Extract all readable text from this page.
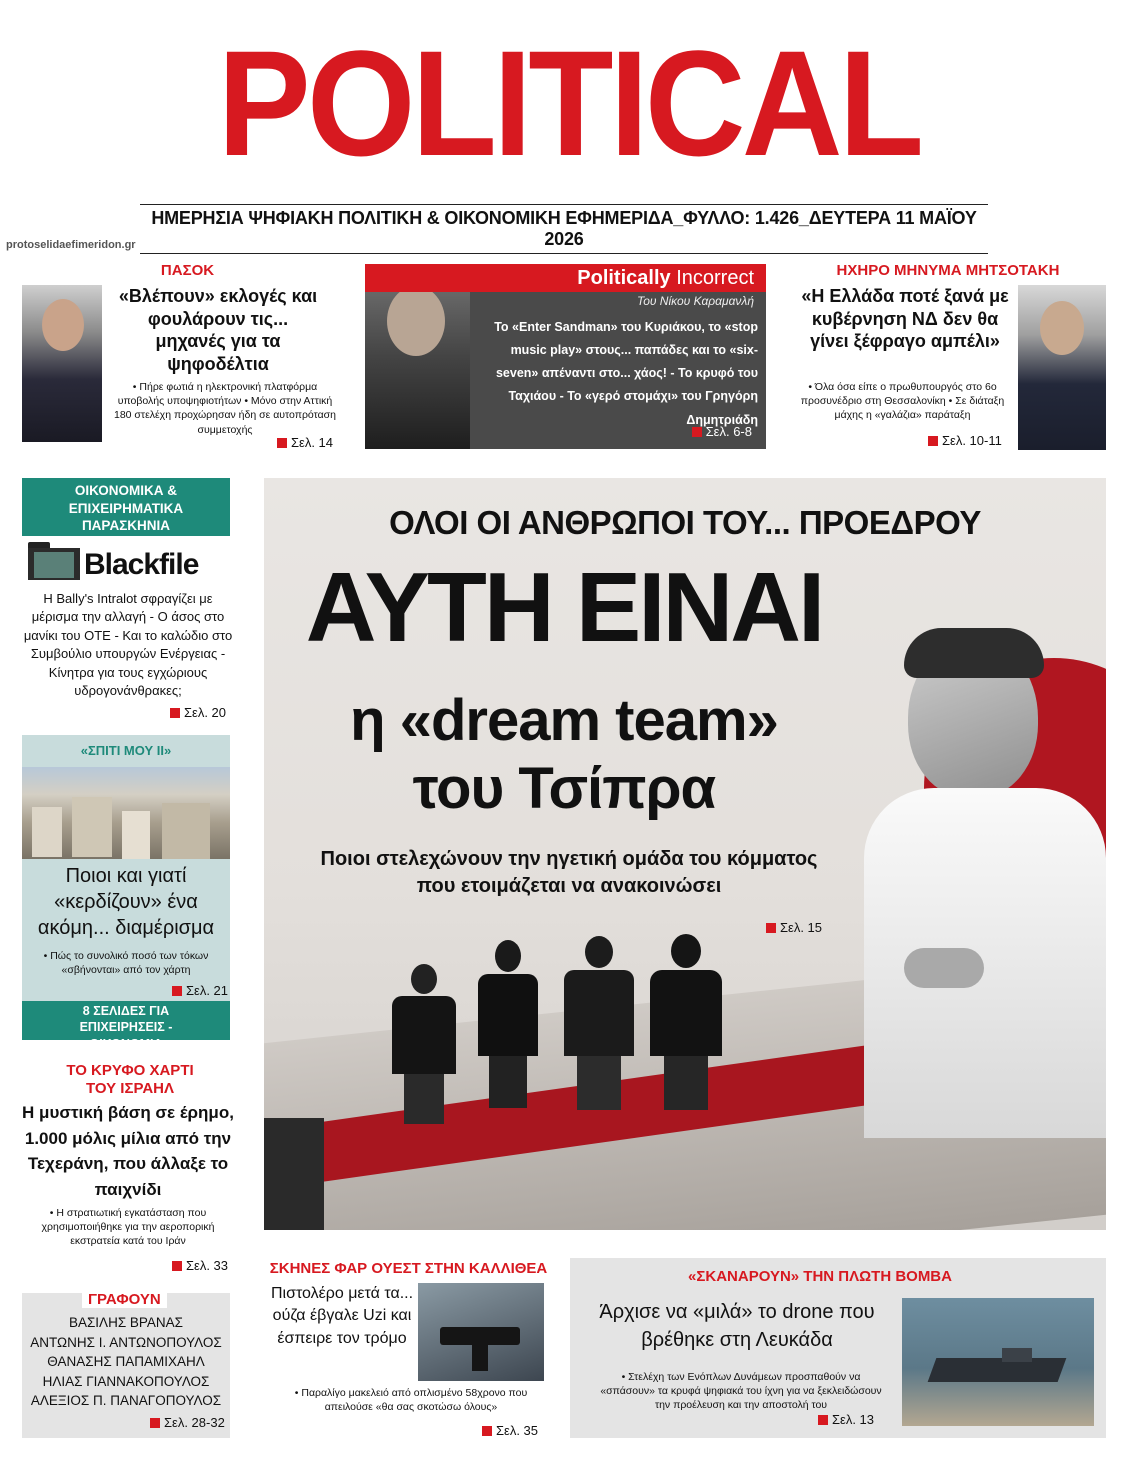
POLITICAL
ΗΜΕΡΗΣΙΑ ΨΗΦΙΑΚΗ ΠΟΛΙΤΙΚΗ & ΟΙΚΟΝΟΜΙΚΗ ΕΦΗΜΕΡΙΔΑ_ΦΥΛΛΟ: 1.426_ΔΕΥΤΕΡΑ 11 ΜΑΪΟΥ 2026
protoselidaefimeridon.gr
ΠΑΣΟΚ
«Βλέπουν» εκλογές και φουλάρουν τις... μηχανές για τα ψηφοδέλτια
• Πήρε φωτιά η ηλεκτρονική πλατφόρμα υποβολής υποψηφιοτήτων • Μόνο στην Αττική 180 στελέχη προχώρησαν ήδη σε αυτοπρόταση συμμετοχής
Σελ. 14
Politically Incorrect
Του Νίκου Καραμανλή
Το «Enter Sandman» του Κυριάκου, το «stop music play» στους... παπάδες και το «six-seven» απέναντι στο... χάος! - Το κρυφό του Ταχιάου - Το «γερό στομάχι» του Γρηγόρη Δημητριάδη
Σελ. 6-8
ΗΧΗΡΟ ΜΗΝΥΜΑ ΜΗΤΣΟΤΑΚΗ
«Η Ελλάδα ποτέ ξανά με κυβέρνηση ΝΔ δεν θα γίνει ξέφραγο αμπέλι»
• Όλα όσα είπε ο πρωθυπουργός στο 6ο προσυνέδριο στη Θεσσαλονίκη • Σε διάταξη μάχης η «γαλάζια» παράταξη
Σελ. 10-11
ΟΙΚΟΝΟΜΙΚΑ & ΕΠΙΧΕΙΡΗΜΑΤΙΚΑ ΠΑΡΑΣΚΗΝΙΑ
Blackfile
Η Bally's Intralot σφραγίζει με μέρισμα την αλλαγή - Ο άσος στο μανίκι του ΟΤΕ - Και το καλώδιο στο Συμβούλιο υπουργών Ενέργειας - Κίνητρα για τους εγχώριους υδρογονάνθρακες;
Σελ. 20
«ΣΠΙΤΙ ΜΟΥ ΙΙ»
Ποιοι και γιατί «κερδίζουν» ένα ακόμη... διαμέρισμα
• Πώς το συνολικό ποσό των τόκων «σβήνονται» από τον χάρτη
Σελ. 21
8 ΣΕΛΙΔΕΣ ΓΙΑ ΕΠΙΧΕΙΡΗΣΕΙΣ - ΟΙΚΟΝΟΜΙΑ
ΤΟ ΚΡΥΦΟ ΧΑΡΤΙ ΤΟΥ ΙΣΡΑΗΛ
Η μυστική βάση σε έρημο, 1.000 μόλις μίλια από την Τεχεράνη, που άλλαξε το παιχνίδι
• Η στρατιωτική εγκατάσταση που χρησιμοποιήθηκε για την αεροπορική εκστρατεία κατά του Ιράν
Σελ. 33
ΓΡΑΦΟΥΝ
ΒΑΣΙΛΗΣ ΒΡΑΝΑΣ
ΑΝΤΩΝΗΣ Ι. ΑΝΤΩΝΟΠΟΥΛΟΣ
ΘΑΝΑΣΗΣ ΠΑΠΑΜΙΧΑΗΛ
ΗΛΙΑΣ ΓΙΑΝΝΑΚΟΠΟΥΛΟΣ
ΑΛΕΞΙΟΣ Π. ΠΑΝΑΓΟΠΟΥΛΟΣ
Σελ. 28-32
ΟΛΟΙ ΟΙ ΑΝΘΡΩΠΟΙ ΤΟΥ... ΠΡΟΕΔΡΟΥ
ΑΥΤΗ ΕΙΝΑΙ
η «dream team»
του Τσίπρα
Ποιοι στελεχώνουν την ηγετική ομάδα του κόμματος που ετοιμάζεται να ανακοινώσει
Σελ. 15
ΣΚΗΝΕΣ ΦΑΡ ΟΥΕΣΤ ΣΤΗΝ ΚΑΛΛΙΘΕΑ
Πιστολέρο μετά τα... ούζα έβγαλε Uzi και έσπειρε τον τρόμο
• Παραλίγο μακελειό από οπλισμένο 58χρονο που απειλούσε «θα σας σκοτώσω όλους»
Σελ. 35
«ΣΚΑΝΑΡΟΥΝ» ΤΗΝ ΠΛΩΤΗ ΒΟΜΒΑ
Άρχισε να «μιλά» το drone που βρέθηκε στη Λευκάδα
• Στελέχη των Ενόπλων Δυνάμεων προσπαθούν να «σπάσουν» τα κρυφά ψηφιακά του ίχνη για να ξεκλειδώσουν την προέλευση και την αποστολή του
Σελ. 13
